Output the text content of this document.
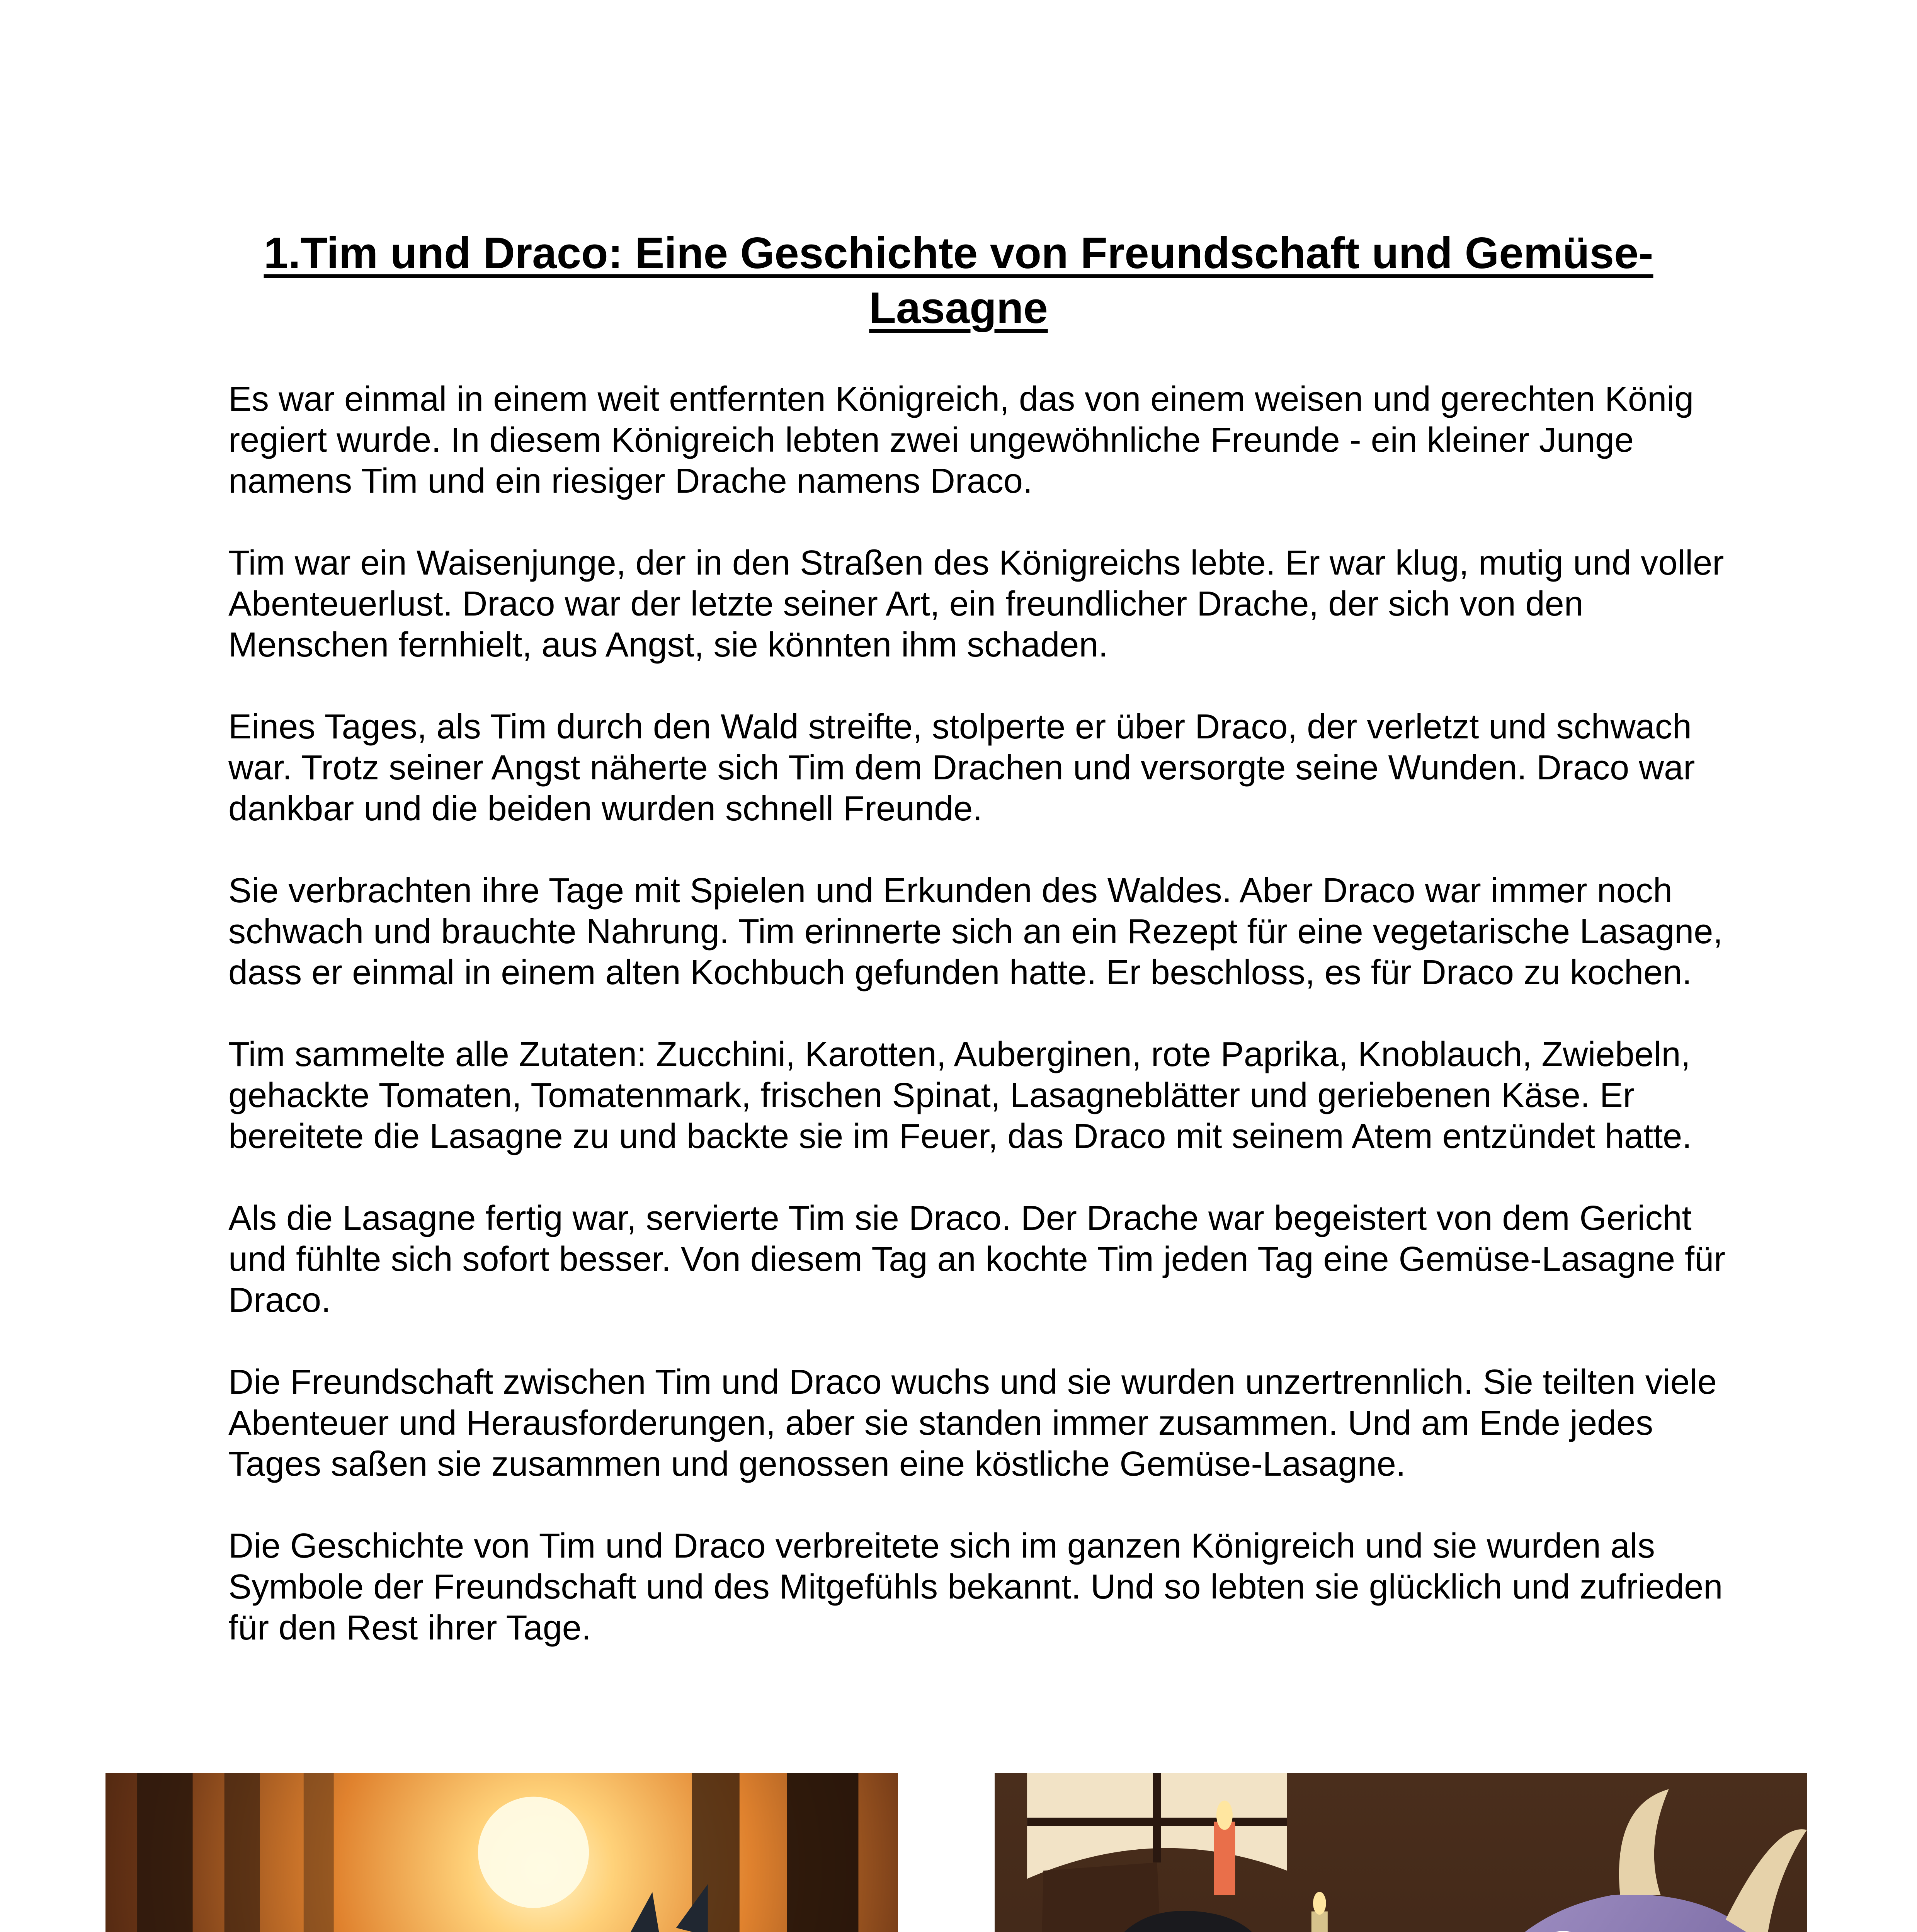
1.Tim und Draco: Eine Geschichte von Freundschaft und Gemüse-Lasagne

Es war einmal in einem weit entfernten Königreich, das von einem weisen und gerechten König regiert wurde. In diesem Königreich lebten zwei ungewöhnliche Freunde - ein kleiner Junge namens Tim und ein riesiger Drache namens Draco.

Tim war ein Waisenjunge, der in den Straßen des Königreichs lebte. Er war klug, mutig und voller Abenteuerlust. Draco war der letzte seiner Art, ein freundlicher Drache, der sich von den Menschen fernhielt, aus Angst, sie könnten ihm schaden.

Eines Tages, als Tim durch den Wald streifte, stolperte er über Draco, der verletzt und schwach war. Trotz seiner Angst näherte sich Tim dem Drachen und versorgte seine Wunden. Draco war dankbar und die beiden wurden schnell Freunde.

Sie verbrachten ihre Tage mit Spielen und Erkunden des Waldes. Aber Draco war immer noch schwach und brauchte Nahrung. Tim erinnerte sich an ein Rezept für eine vegetarische Lasagne, dass er einmal in einem alten Kochbuch gefunden hatte. Er beschloss, es für Draco zu kochen.

Tim sammelte alle Zutaten: Zucchini, Karotten, Auberginen, rote Paprika, Knoblauch, Zwiebeln, gehackte Tomaten, Tomatenmark, frischen Spinat, Lasagneblätter und geriebenen Käse. Er bereitete die Lasagne zu und backte sie im Feuer, das Draco mit seinem Atem entzündet hatte.

Als die Lasagne fertig war, servierte Tim sie Draco. Der Drache war begeistert von dem Gericht und fühlte sich sofort besser. Von diesem Tag an kochte Tim jeden Tag eine Gemüse-Lasagne für Draco.

Die Freundschaft zwischen Tim und Draco wuchs und sie wurden unzertrennlich. Sie teilten viele Abenteuer und Herausforderungen, aber sie standen immer zusammen. Und am Ende jedes Tages saßen sie zusammen und genossen eine köstliche Gemüse-Lasagne.

Die Geschichte von Tim und Draco verbreitete sich im ganzen Königreich und sie wurden als Symbole der Freundschaft und des Mitgefühls bekannt. Und so lebten sie glücklich und zufrieden für den Rest ihrer Tage.
